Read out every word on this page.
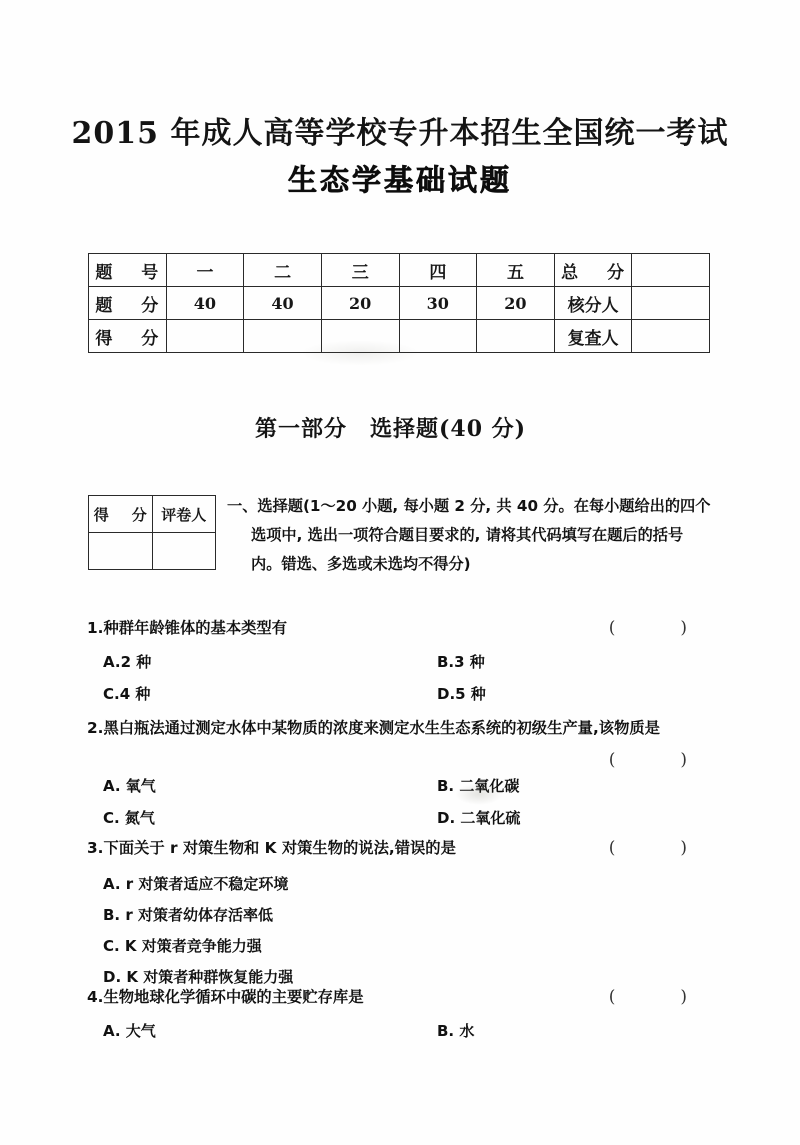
2015 年成人高等学校专升本招生全国统一考试
生态学基础试题
题　号	一	二	三	四	五	总　分	
题　分	40	40	20	30	20	核分人	
得　分						复查人	
第一部分　选择题(40 分)
得　分	评卷人
	一、选择题(1～20 小题, 每小题 2 分, 共 40 分。在每小题给出的四个
选项中, 选出一项符合题目要求的, 请将其代码填写在题后的括号
内。错选、多选或未选均不得分)
1.种群年龄锥体的基本类型有	(　)
A.2 种	B.3 种
C.4 种	D.5 种
2.黑白瓶法通过测定水体中某物质的浓度来测定水生生态系统的初级生产量,该物质是
(　)
A. 氧气	B. 二氧化碳
C. 氮气	D. 二氧化硫
3.下面关于 r 对策生物和 K 对策生物的说法,错误的是	(　)
A. r 对策者适应不稳定环境
B. r 对策者幼体存活率低
C. K 对策者竞争能力强
D. K 对策者种群恢复能力强
4.生物地球化学循环中碳的主要贮存库是	(　)
A. 大气	B. 水
